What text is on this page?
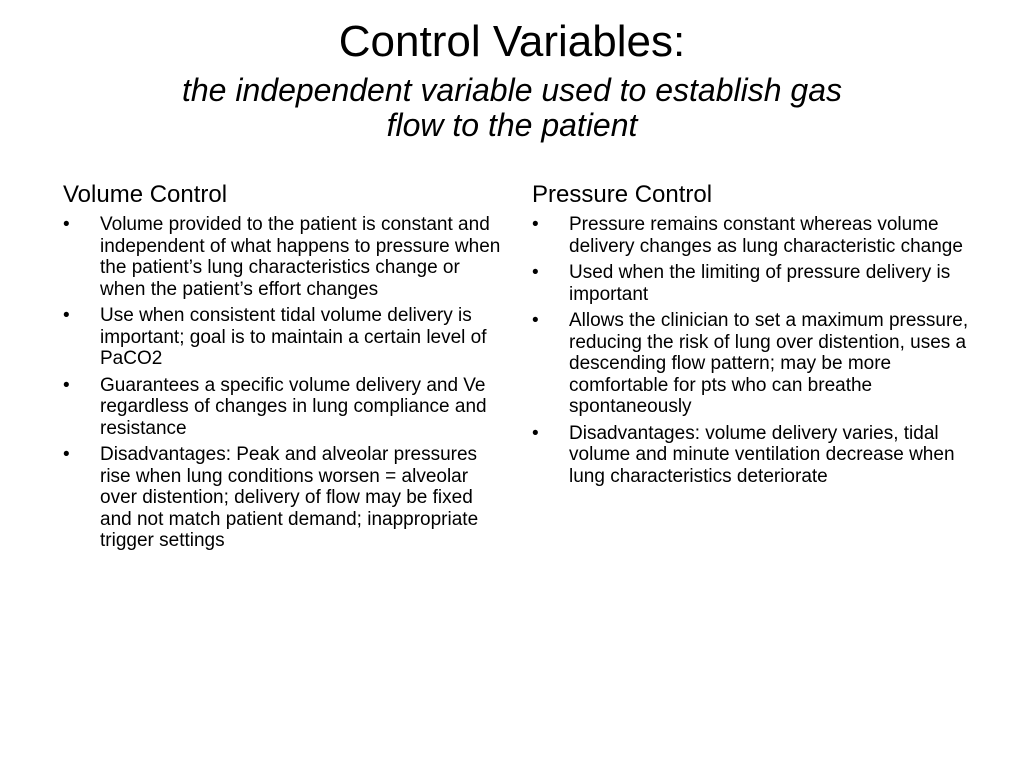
Control Variables:
the independent variable used to establish gas
flow to the patient
Volume Control
• Volume provided to the patient is constant and independent of what happens to pressure when the patient’s lung characteristics change or when the patient’s effort changes
• Use when consistent tidal volume delivery is important; goal is to maintain a certain level of PaCO2
• Guarantees a specific volume delivery and Ve regardless of changes in lung compliance and resistance
• Disadvantages: Peak and alveolar pressures rise when lung conditions worsen = alveolar over distention; delivery of flow may be fixed and not match patient demand; inappropriate trigger settings
Pressure Control
• Pressure remains constant whereas volume delivery changes as lung characteristic change
• Used when the limiting of pressure delivery is important
• Allows the clinician to set a maximum pressure, reducing the risk of lung over distention, uses a descending flow pattern; may be more comfortable for pts who can breathe spontaneously
• Disadvantages: volume delivery varies, tidal volume and minute ventilation decrease when lung characteristics deteriorate
